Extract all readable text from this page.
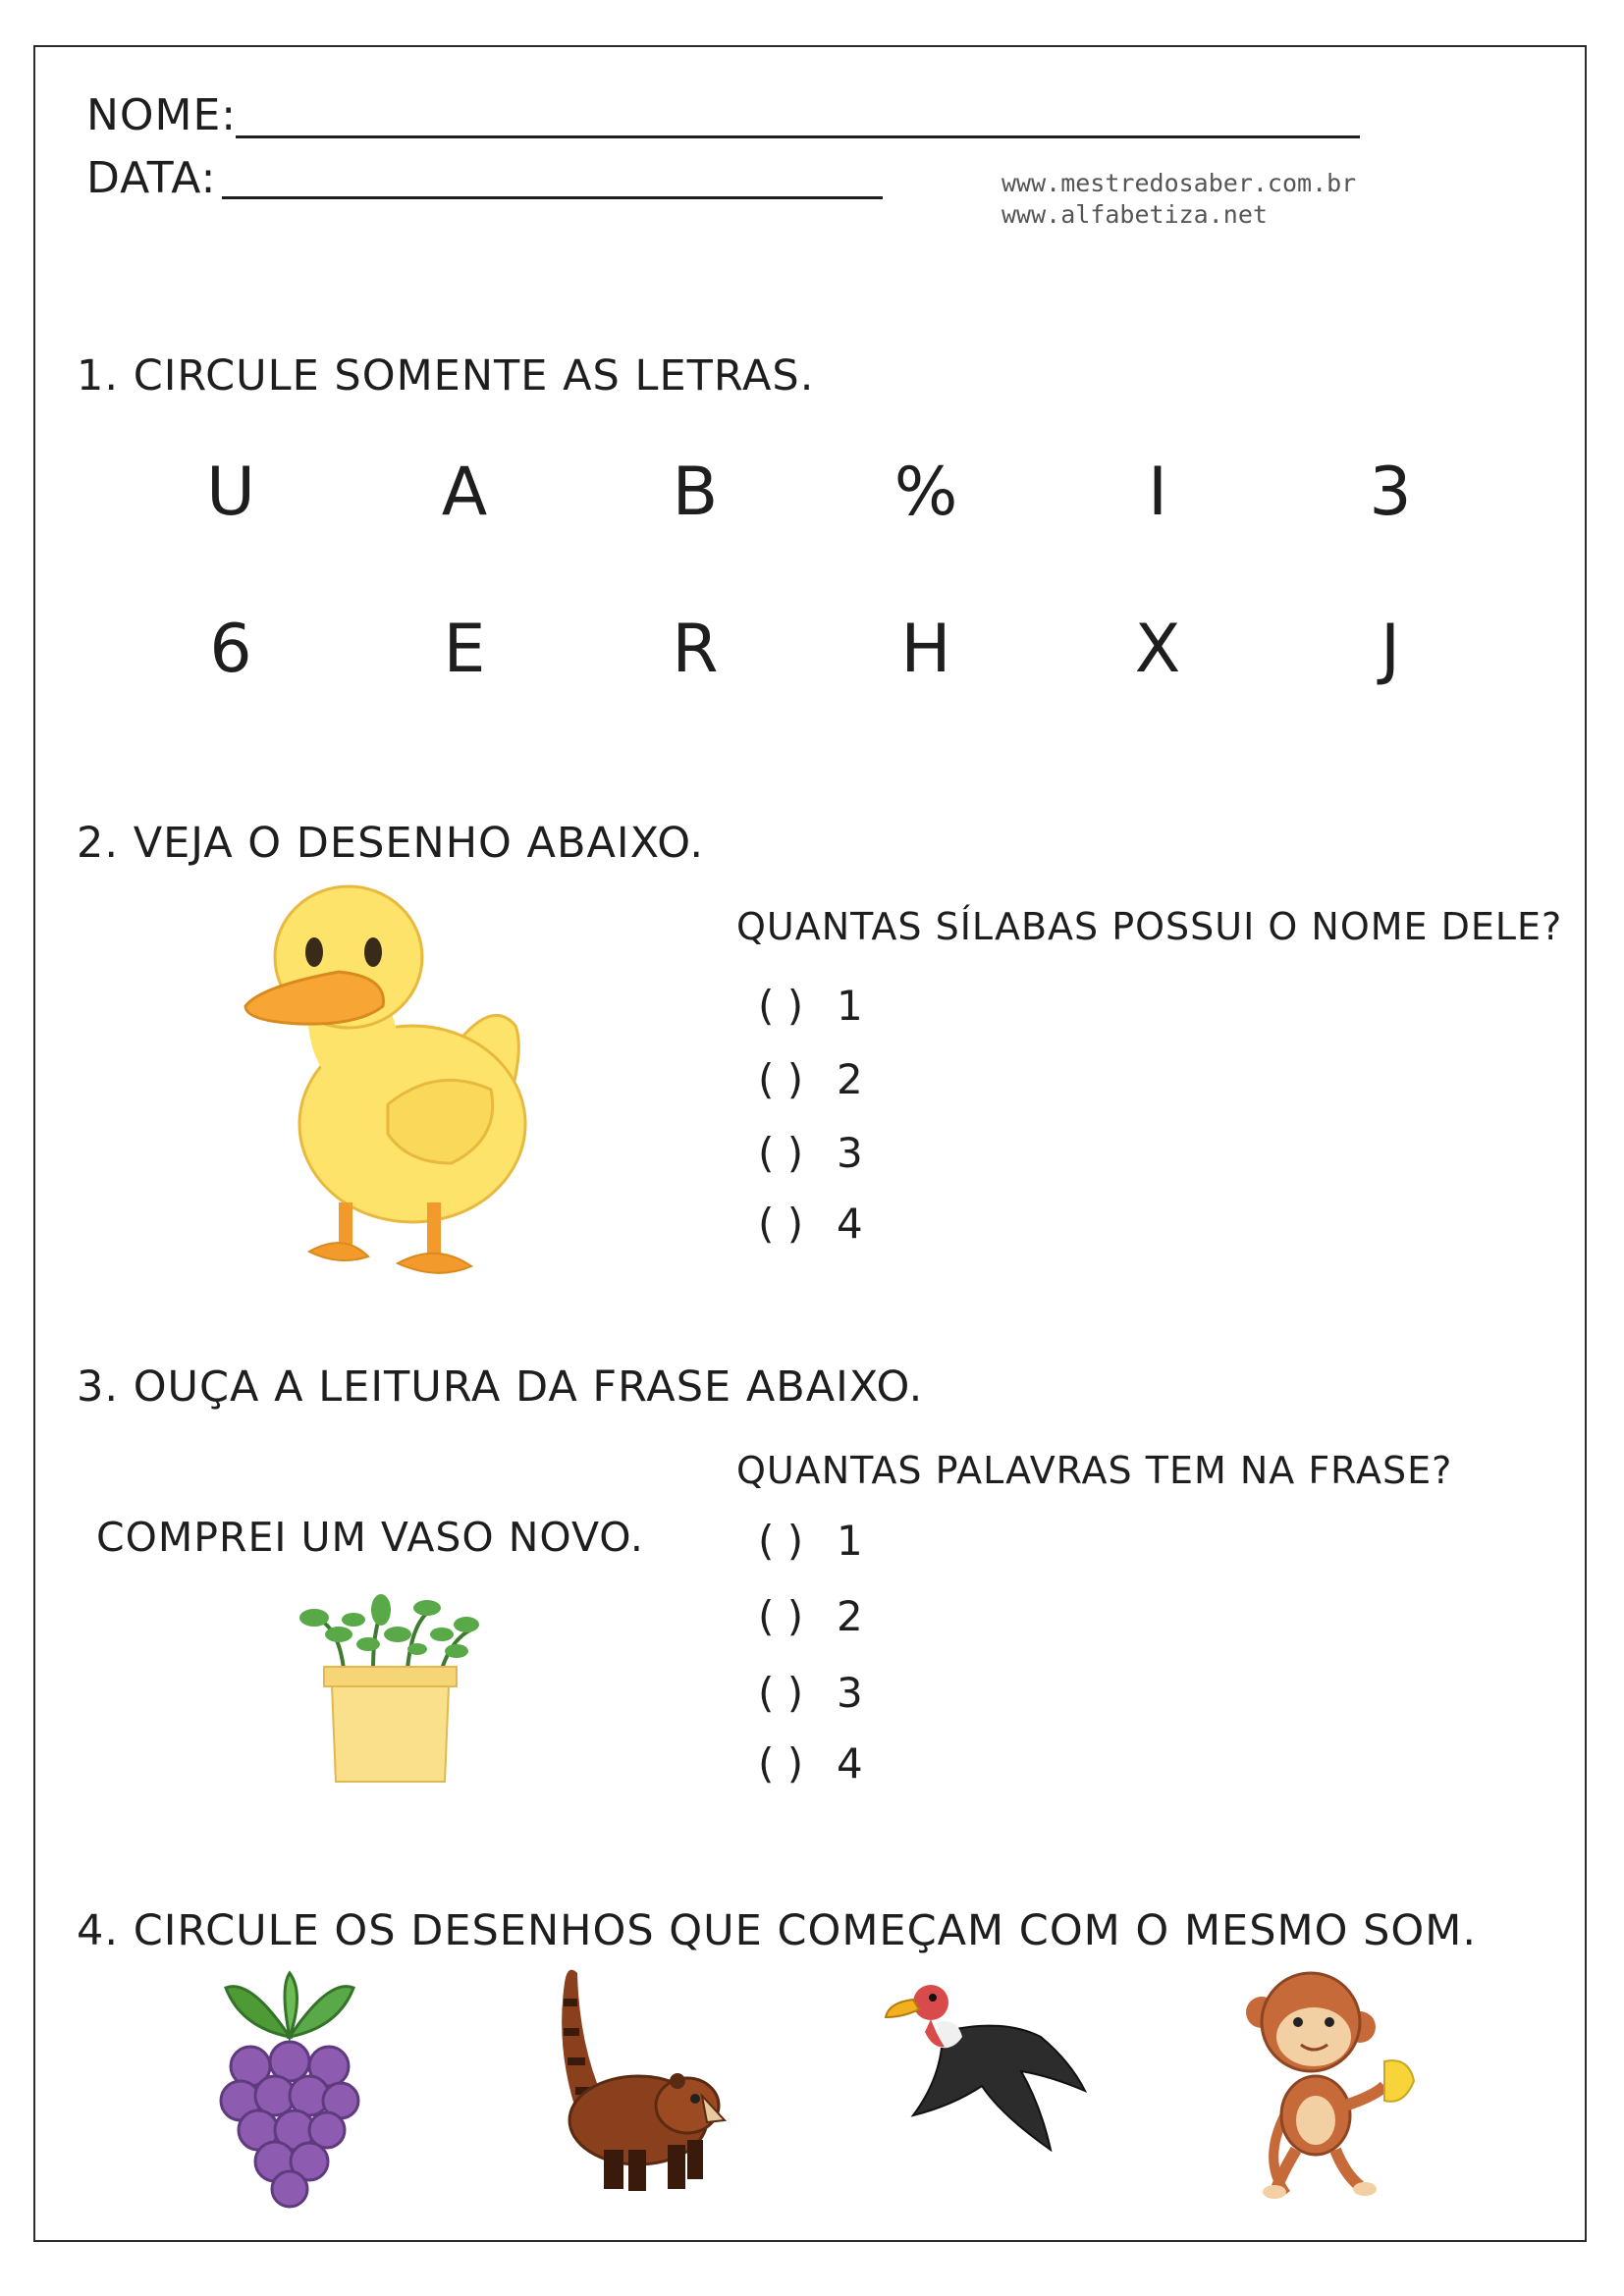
NOME:
DATA:	www.mestredosaber.com.br
www.alfabetiza.net
1. CIRCULE SOMENTE AS LETRAS.
U	A	B	%	I	3
6	E	R	H	X	J
2. VEJA O DESENHO ABAIXO.
QUANTAS SÍLABAS POSSUI O NOME DELE?
( ) 1
( ) 2
( ) 3
( ) 4
3. OUÇA A LEITURA DA FRASE ABAIXO.
QUANTAS PALAVRAS TEM NA FRASE?
COMPREI UM VASO NOVO.	( ) 1
( ) 2
( ) 3
( ) 4
4. CIRCULE OS DESENHOS QUE COMEÇAM COM O MESMO SOM.
